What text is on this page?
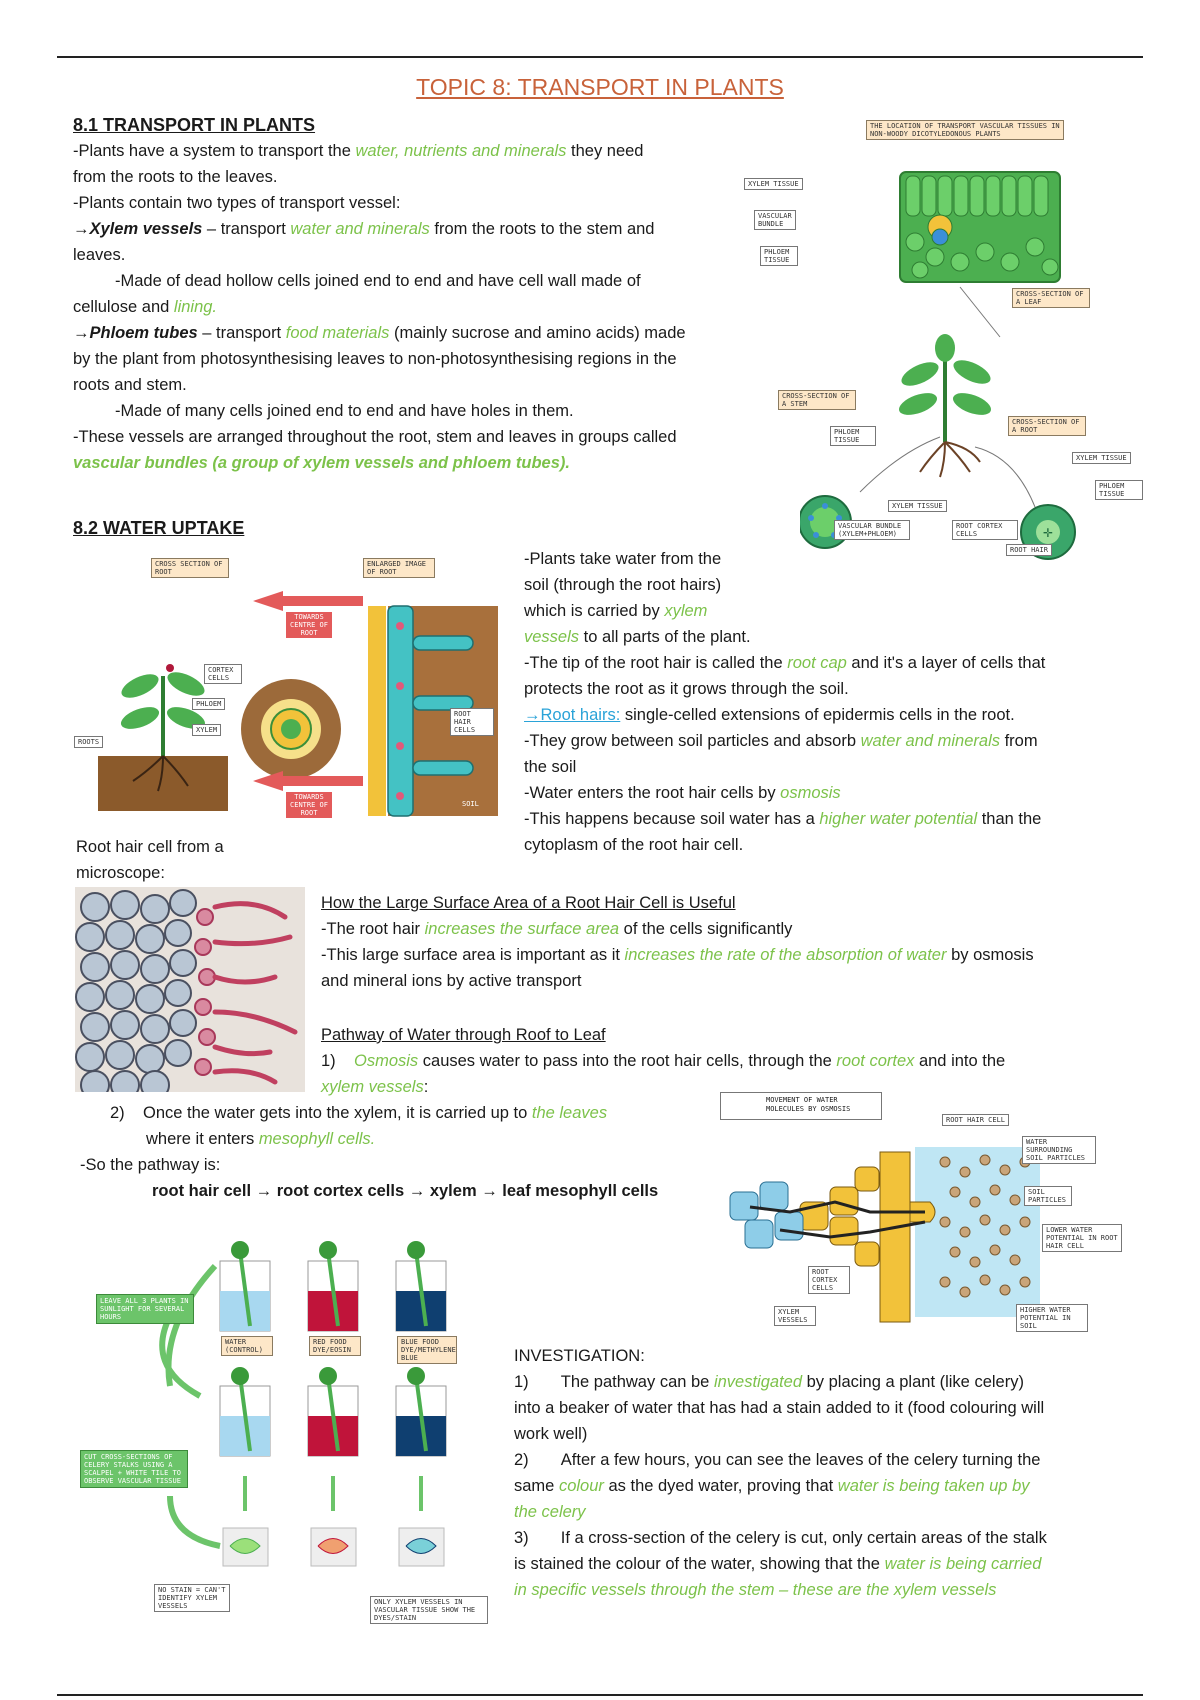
TOPIC 8: TRANSPORT IN PLANTS
8.1 TRANSPORT IN PLANTS
-Plants have a system to transport the water, nutrients and minerals they need
from the roots to the leaves.
-Plants contain two types of transport vessel:
→Xylem vessels – transport water and minerals from the roots to the stem and
leaves.
-Made of dead hollow cells joined end to end and have cell wall made of
cellulose and lining.
→Phloem tubes – transport food materials (mainly sucrose and amino acids) made
by the plant from photosynthesising leaves to non-photosynthesising regions in the
roots and stem.
-Made of many cells joined end to end and have holes in them.
-These vessels are arranged throughout the root, stem and leaves in groups called
vascular bundles (a group of xylem vessels and phloem tubes).
THE LOCATION OF TRANSPORT VASCULAR TISSUES IN NON-WOODY DICOTYLEDONOUS PLANTS
✛
XYLEM TISSUE
VASCULAR BUNDLE
PHLOEM TISSUE
CROSS-SECTION OF A LEAF
CROSS-SECTION OF A STEM
CROSS-SECTION OF A ROOT
PHLOEM TISSUE
XYLEM TISSUE
PHLOEM TISSUE
XYLEM TISSUE
VASCULAR BUNDLE (XYLEM+PHLOEM)
ROOT CORTEX CELLS
ROOT HAIR
8.2 WATER UPTAKE
CROSS SECTION OF ROOT
ENLARGED IMAGE OF ROOT
TOWARDS CENTRE OF ROOT
TOWARDS CENTRE OF ROOT
CORTEX CELLS
PHLOEM
XYLEM
ROOTS
ROOT HAIR CELLS
SOIL
-Plants take water from the
soil (through the root hairs)
which is carried by xylem
vessels to all parts of the plant.
-The tip of the root hair is called the root cap and it's a layer of cells that
protects the root as it grows through the soil.
→Root hairs: single-celled extensions of epidermis cells in the root.
-They grow between soil particles and absorb water and minerals from
the soil
-Water enters the root hair cells by osmosis
-This happens because soil water has a higher water potential than the
cytoplasm of the root hair cell.
Root hair cell from a
microscope:
How the Large Surface Area of a Root Hair Cell is Useful
-The root hair increases the surface area of the cells significantly
-This large surface area is important as it increases the rate of the absorption of water by osmosis
and mineral ions by active transport
Pathway of Water through Roof to Leaf
1) Osmosis causes water to pass into the root hair cells, through the root cortex and into the
xylem vessels:
2) Once the water gets into the xylem, it is carried up to the leaves
where it enters mesophyll cells.
-So the pathway is:
root hair cell → root cortex cells → xylem → leaf mesophyll cells
MOVEMENT OF WATER MOLECULES BY OSMOSIS
ROOT HAIR CELL
WATER SURROUNDING SOIL PARTICLES
SOIL PARTICLES
LOWER WATER POTENTIAL IN ROOT HAIR CELL
ROOT CORTEX CELLS
XYLEM VESSELS
HIGHER WATER POTENTIAL IN SOIL
LEAVE ALL 3 PLANTS IN SUNLIGHT FOR SEVERAL HOURS
WATER (CONTROL)
RED FOOD DYE/EOSIN
BLUE FOOD DYE/METHYLENE BLUE
CUT CROSS-SECTIONS OF CELERY STALKS USING A SCALPEL + WHITE TILE TO OBSERVE VASCULAR TISSUE
NO STAIN = CAN'T IDENTIFY XYLEM VESSELS	ONLY XYLEM VESSELS IN VASCULAR TISSUE SHOW THE DYES/STAIN
INVESTIGATION:
1) The pathway can be investigated by placing a plant (like celery)
into a beaker of water that has had a stain added to it (food colouring will
work well)
2) After a few hours, you can see the leaves of the celery turning the
same colour as the dyed water, proving that water is being taken up by
the celery
3) If a cross-section of the celery is cut, only certain areas of the stalk
is stained the colour of the water, showing that the water is being carried
in specific vessels through the stem – these are the xylem vessels
